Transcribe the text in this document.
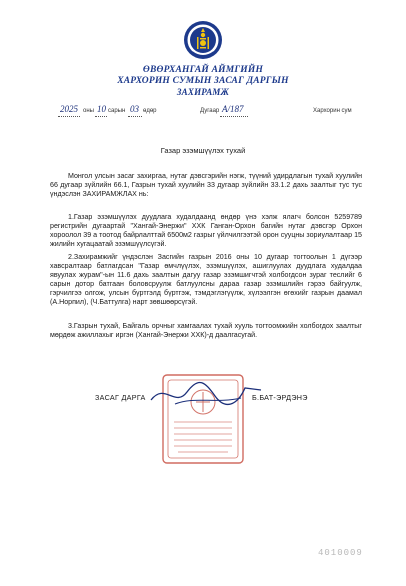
ӨВӨРХАНГАЙ АЙМГИЙН
ХАРХОРИН СУМЫН ЗАСАГ ДАРГЫН
ЗАХИРАМЖ
2025 оны 10 сарын 03 өдөр	Дугаар А/187	Хархорин сум
Газар эзэмшүүлэх тухай

Монгол улсын засаг захиргаа, нутаг дэвсгэрийн нэгж, түүний удирдлагын тухай хуулийн 66 дугаар зүйлийн 66.1, Газрын тухай хуулийн 33 дугаар зүйлийн 33.1.2 дахь заалтыг тус тус үндэслэн ЗАХИРАМЖЛАХ нь:

1.Газар эзэмшүүлэх дуудлага худалдаанд өндөр үнэ хэлж ялагч болсон 5259789 регистрийн дугаартай "Хангай-Энержи" ХХК Ганган-Орхон багийн нутаг дэвсгэр Орхон хороолол 39 а тоотод байрлалттай 6500м2 газрыг үйлчилгээтэй орон сууцны зориулалтаар 15 жилийн хугацаатай эзэмшүүлсүгэй.

2.Захирамжийг үндэслэн Засгийн газрын 2016 оны 10 дугаар тогтоолын 1 дүгээр хавсралтаар батлагдсан "Газар өмчлүүлэх, эзэмшүүлэх, ашиглуулах дуудлага худалдаа явуулах журам"-ын 11.6 дахь заалтын дагуу газар эзэмшигчтэй холбогдсон зураг теслийг 6 сарын дотор батгаан боловсруулж батлуулсны дараа газар эзэмшлийн гэрээ байгуулж, гэрчилгээ олгож, улсын бүртгэлд бүртгэж, тэмдэглэгүүлж, хүлээлгэн өгөхийг газрын даамал (А.Норпил), (Ч.Баттулга) нарт зөвшөөрсүгэй.

3.Газрын тухай, Байгаль орчныг хамгаалах тухай хууль тогтоомжийн холбогдох заалтыг мөрдөж ажиллахыг иргэн (Хангай-Энержи ХХК)-д даалгасугай.

ЗАСАГ ДАРГА	Б.БАТ-ЭРДЭНЭ
4010009
